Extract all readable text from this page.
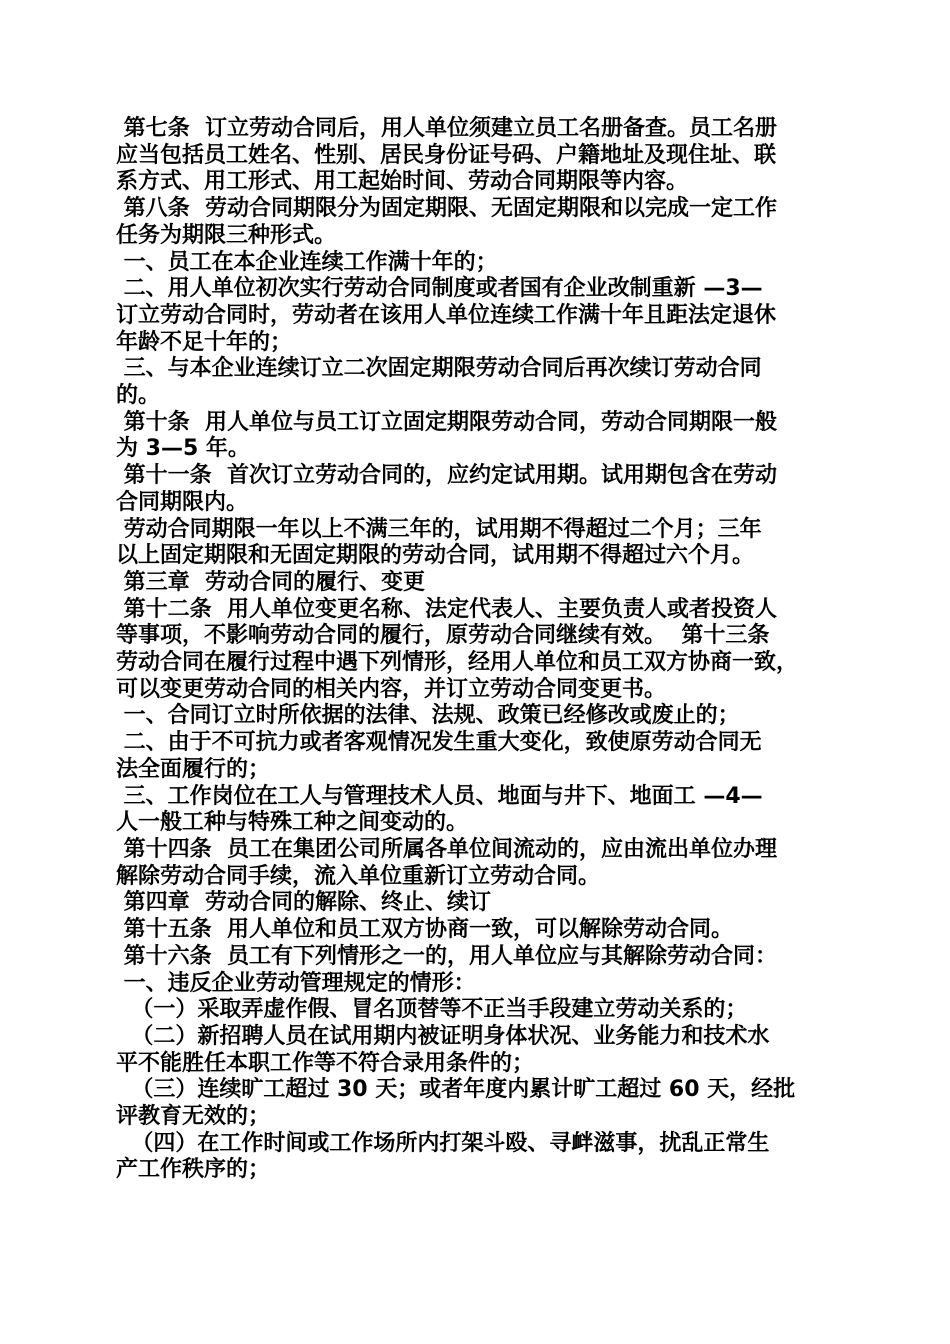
第七条  订立劳动合同后，用人单位须建立员工名册备查。员工名册
应当包括员工姓名、性别、居民身份证号码、户籍地址及现住址、联
系方式、用工形式、用工起始时间、劳动合同期限等内容。
第八条  劳动合同期限分为固定期限、无固定期限和以完成一定工作
任务为期限三种形式。
一、员工在本企业连续工作满十年的；
二、用人单位初次实行劳动合同制度或者国有企业改制重新 —3—
订立劳动合同时，劳动者在该用人单位连续工作满十年且距法定退休
年龄不足十年的；
三、与本企业连续订立二次固定期限劳动合同后再次续订劳动合同
的。
第十条  用人单位与员工订立固定期限劳动合同，劳动合同期限一般
为 3—5 年。
第十一条  首次订立劳动合同的，应约定试用期。试用期包含在劳动
合同期限内。
劳动合同期限一年以上不满三年的，试用期不得超过二个月；三年
以上固定期限和无固定期限的劳动合同，试用期不得超过六个月。
第三章  劳动合同的履行、变更
第十二条  用人单位变更名称、法定代表人、主要负责人或者投资人
等事项，不影响劳动合同的履行，原劳动合同继续有效。  第十三条
劳动合同在履行过程中遇下列情形，经用人单位和员工双方协商一致，
可以变更劳动合同的相关内容，并订立劳动合同变更书。
一、合同订立时所依据的法律、法规、政策已经修改或废止的；
二、由于不可抗力或者客观情况发生重大变化，致使原劳动合同无
法全面履行的；
三、工作岗位在工人与管理技术人员、地面与井下、地面工 —4—
人一般工种与特殊工种之间变动的。
第十四条  员工在集团公司所属各单位间流动的，应由流出单位办理
解除劳动合同手续，流入单位重新订立劳动合同。
第四章  劳动合同的解除、终止、续订
第十五条  用人单位和员工双方协商一致，可以解除劳动合同。
第十六条  员工有下列情形之一的，用人单位应与其解除劳动合同：
一、违反企业劳动管理规定的情形：
（一）采取弄虚作假、冒名顶替等不正当手段建立劳动关系的；
（二）新招聘人员在试用期内被证明身体状况、业务能力和技术水
平不能胜任本职工作等不符合录用条件的；
（三）连续旷工超过 30 天；或者年度内累计旷工超过 60 天，经批
评教育无效的；
（四）在工作时间或工作场所内打架斗殴、寻衅滋事，扰乱正常生
产工作秩序的；
